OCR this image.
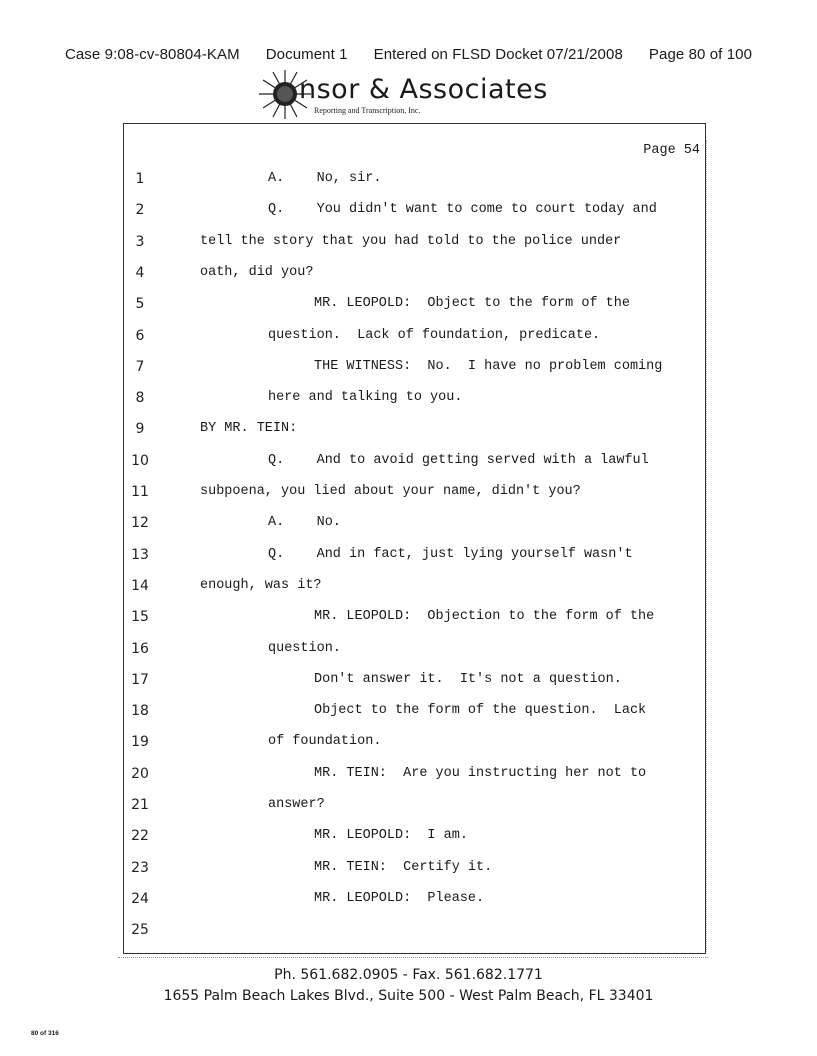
Case 9:08-cv-80804-KAM Document 1 Entered on FLSD Docket 07/21/2008 Page 80 of 100
nsor & Associates
Reporting and Transcription, Inc.
Page 54
1	A.    No, sir.
2	Q.    You didn't want to come to court today and
3	tell the story that you had told to the police under
4	oath, did you?
5	MR. LEOPOLD:  Object to the form of the
6	question.  Lack of foundation, predicate.
7	THE WITNESS:  No.  I have no problem coming
8	here and talking to you.
9	BY MR. TEIN:
10	Q.    And to avoid getting served with a lawful
11	subpoena, you lied about your name, didn't you?
12	A.    No.
13	Q.    And in fact, just lying yourself wasn't
14	enough, was it?
15	MR. LEOPOLD:  Objection to the form of the
16	question.
17	Don't answer it.  It's not a question.
18	Object to the form of the question.  Lack
19	of foundation.
20	MR. TEIN:  Are you instructing her not to
21	answer?
22	MR. LEOPOLD:  I am.
23	MR. TEIN:  Certify it.
24	MR. LEOPOLD:  Please.
25
Ph. 561.682.0905 - Fax. 561.682.1771
1655 Palm Beach Lakes Blvd., Suite 500 - West Palm Beach, FL 33401
80 of 316
